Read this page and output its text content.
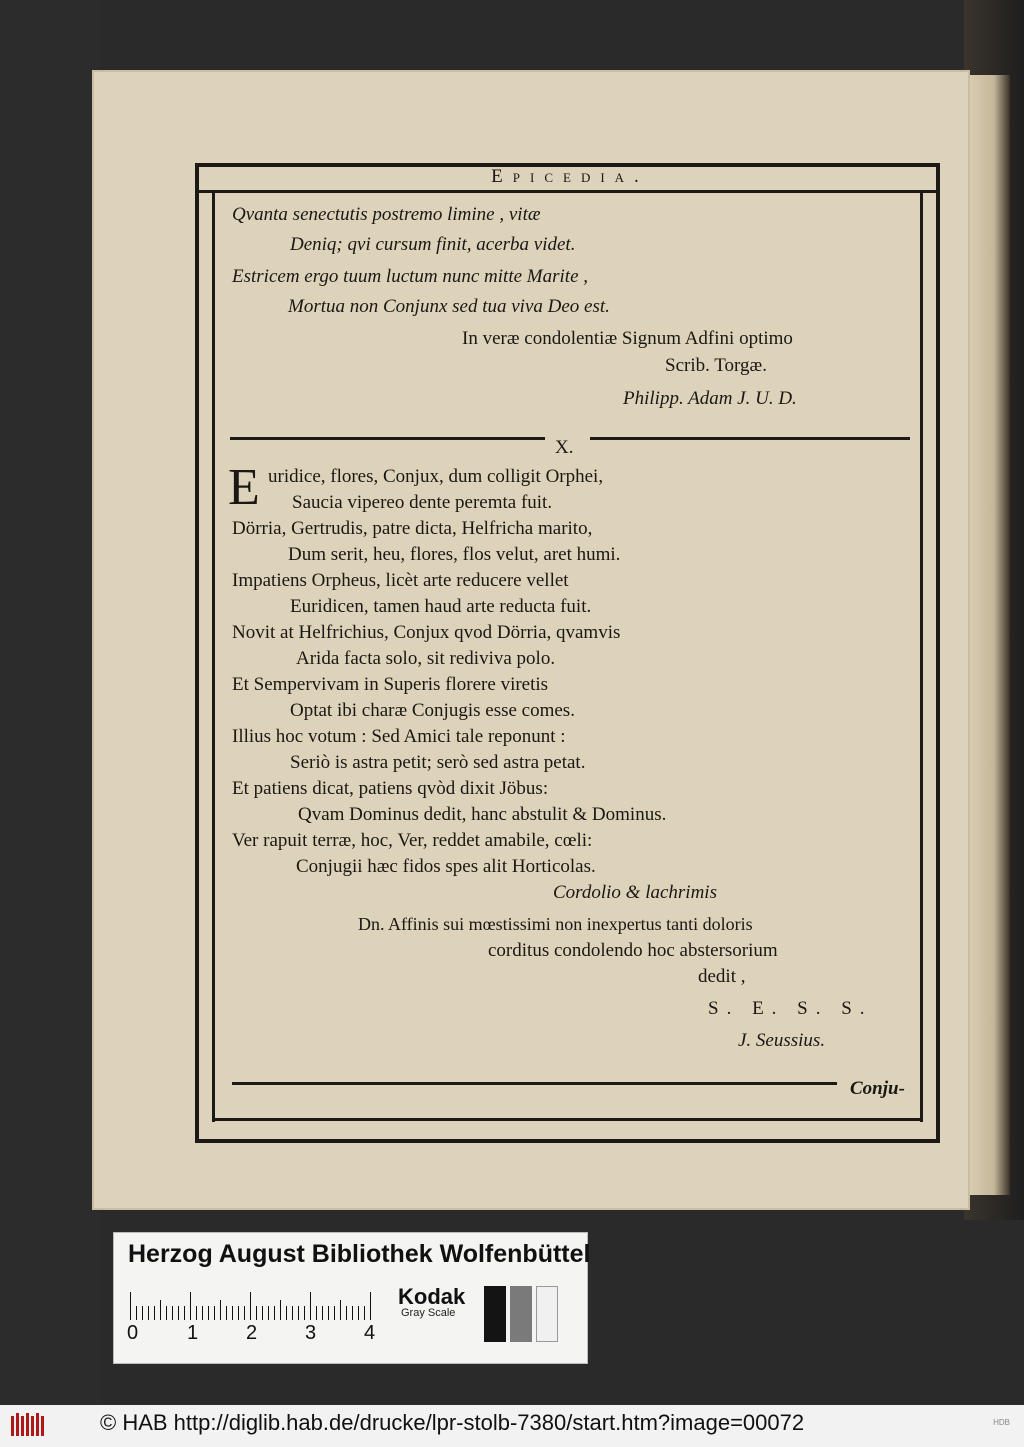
Epicedia.
Qvanta senectutis postremo limine , vitæ
Deniq; qvi cursum finit, acerba videt.
Estricem ergo tuum luctum nunc mitte Marite ,
Mortua non Conjunx sed tua viva Deo est.
In veræ condolentiæ Signum Adfini optimo
Scrib. Torgæ.
Philipp. Adam J. U. D.
X.
E uridice, flores, Conjux, dum colligit Orphei,
Saucia vipereo dente peremta fuit.
Dörria, Gertrudis, patre dicta, Helfricha marito,
Dum serit, heu, flores, flos velut, aret humi.
Impatiens Orpheus, licèt arte reducere vellet
Euridicen, tamen haud arte reducta fuit.
Novit at Helfrichius, Conjux qvod Dörria, qvamvis
Arida facta solo, sit rediviva polo.
Et Sempervivam in Superis florere viretis
Optat ibi charæ Conjugis esse comes.
Illius hoc votum : Sed Amici tale reponunt :
Seriò is astra petit; serò sed astra petat.
Et patiens dicat, patiens qvòd dixit Jöbus:
Qvam Dominus dedit, hanc abstulit & Dominus.
Ver rapuit terræ, hoc, Ver, reddet amabile, cœli:
Conjugii hæc fidos spes alit Horticolas.
Cordolio & lachrimis
Dn. Affinis sui mœstissimi non inexpertus tanti doloris
corditus condolendo hoc abstersorium
dedit ,
S. E. S. S.
J. Seussius.
Conju-
Herzog August Bibliothek Wolfenbüttel
0 1 2 3 4
Kodak
Gray Scale
© HAB http://diglib.hab.de/drucke/lpr-stolb-7380/start.htm?image=00072	HDB
